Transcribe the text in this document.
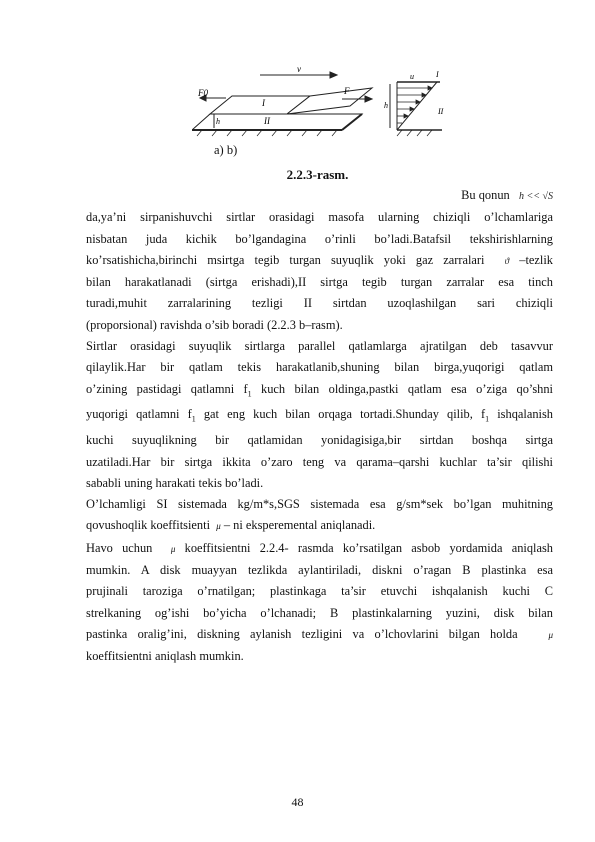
v
F0
I
II
F
h
u	I
II
h
a) b)
2.2.3-rasm.
Bu qonun h << √S
da,ya’ni sirpanishuvchi sirtlar orasidagi masofa ularning chiziqli o’lchamlariga
nisbatan juda kichik bo’lgandagina o’rinli bo’ladi.Batafsil tekshirishlarning
ko’rsatishicha,birinchi msirtga tegib turgan suyuqlik yoki gaz zarralari ϑ –tezlik
bilan harakatlanadi (sirtga erishadi),II sirtga tegib turgan zarralar esa tinch
turadi,muhit zarralarining tezligi II sirtdan uzoqlashilgan sari chiziqli
(proporsional) ravishda o’sib boradi (2.2.3 b–rasm).
Sirtlar orasidagi suyuqlik sirtlarga parallel qatlamlarga ajratilgan deb tasavvur
qilaylik.Har bir qatlam tekis harakatlanib,shuning bilan birga,yuqorigi qatlam
o’zining pastidagi qatlamni $f_1$ kuch bilan oldinga,pastki qatlam esa o’ziga qo’shni
yuqorigi qatlamni $f_1$ gat eng kuch bilan orqaga tortadi.Shunday qilib, $f_1$ ishqalanish
kuchi suyuqlikning bir qatlamidan yonidagisiga,bir sirtdan boshqa sirtga
uzatiladi.Har bir sirtga ikkita o’zaro teng va qarama–qarshi kuchlar ta’sir qilishi
sababli uning harakati tekis bo’ladi.
O’lchamligi SI sistemada kg/m*s,SGS sistemada esa g/sm*sek bo’lgan muhitning
qovushoqlik koeffitsienti  μ – ni eksperemental aniqlanadi.
Havo uchun  μ koeffitsientni 2.2.4- rasmda ko’rsatilgan asbob yordamida aniqlash
mumkin. A disk muayyan tezlikda aylantiriladi, diskni o’ragan B plastinka esa
prujinali taroziga o’rnatilgan; plastinkaga ta’sir etuvchi ishqalanish kuchi C
strelkaning og’ishi bo’yicha o’lchanadi; B plastinkalarning yuzini, disk bilan
pastinka oralig’ini, diskning aylanish tezligini va o’lchovlarini bilgan holda	μ
koeffitsientni aniqlash mumkin.
48
